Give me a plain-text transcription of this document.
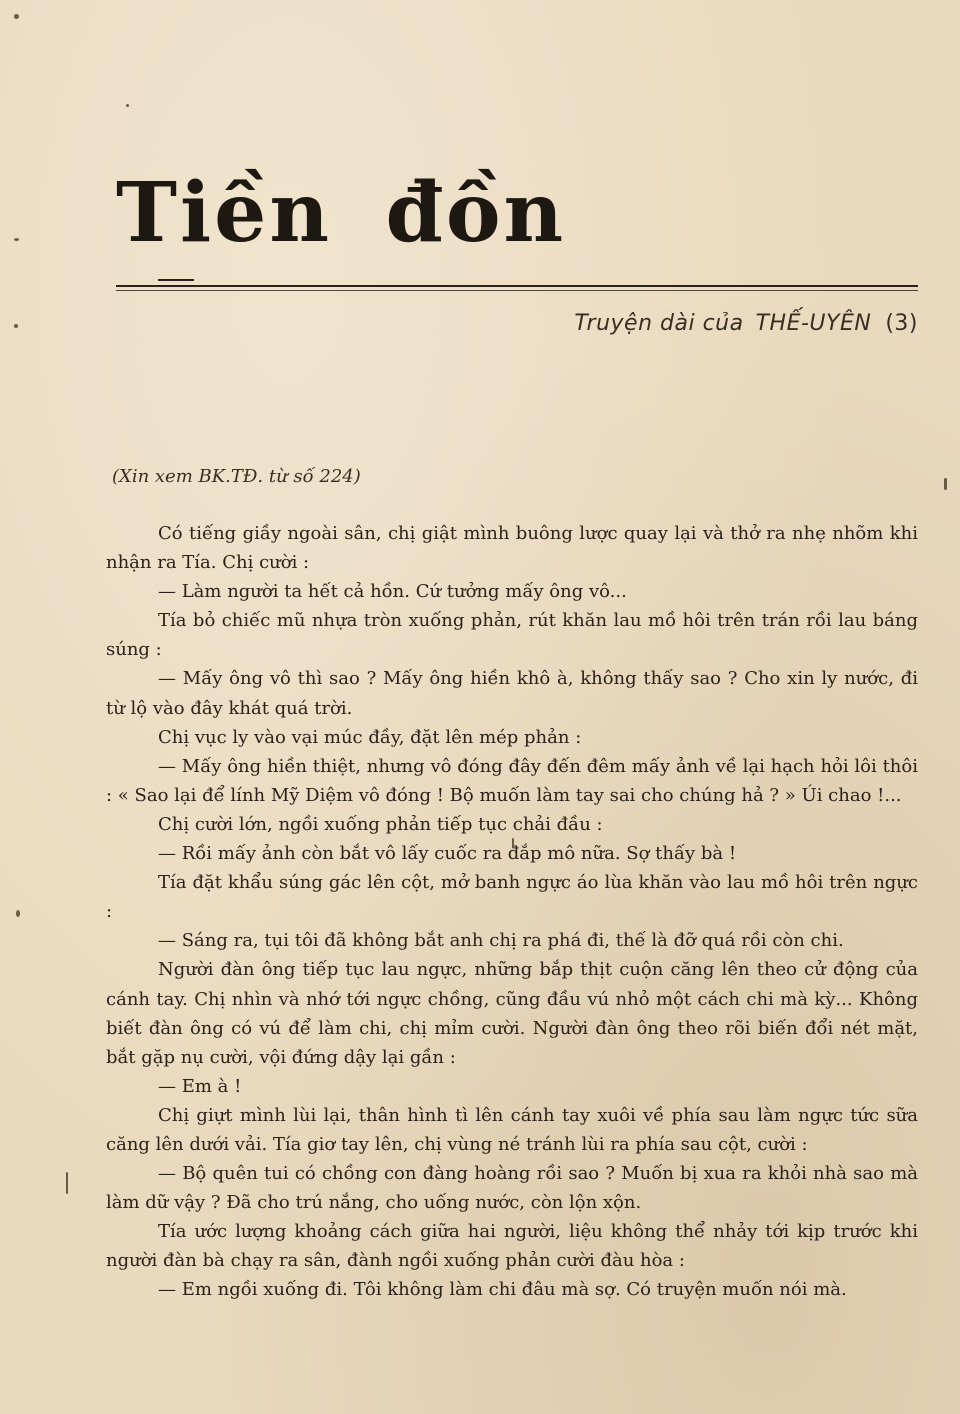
Tiền đồn
Truyện dài của THẾ-UYÊN (3)
(Xin xem BK.TĐ. từ số 224)

Có tiếng giầy ngoài sân, chị giật mình buông lược quay lại và thở ra nhẹ nhõm khi nhận ra Tía. Chị cười :

— Làm người ta hết cả hồn. Cứ tưởng mấy ông vô...

Tía bỏ chiếc mũ nhựa tròn xuống phản, rút khăn lau mồ hôi trên trán rồi lau báng súng :

— Mấy ông vô thì sao ? Mấy ông hiền khô à, không thấy sao ? Cho xin ly nước, đi từ lộ vào đây khát quá trời.

Chị vục ly vào vại múc đầy, đặt lên mép phản :

— Mấy ông hiền thiệt, nhưng vô đóng đây đến đêm mấy ảnh về lại hạch hỏi lôi thôi : « Sao lại để lính Mỹ Diệm vô đóng ! Bộ muốn làm tay sai cho chúng hả ? » Úi chao !...

Chị cười lớn, ngồi xuống phản tiếp tục chải đầu :

— Rồi mấy ảnh còn bắt vô lấy cuốc ra đắp mô nữa. Sợ thấy bà !

Tía đặt khẩu súng gác lên cột, mở banh ngực áo lùa khăn vào lau mồ hôi trên ngực :

— Sáng ra, tụi tôi đã không bắt anh chị ra phá đi, thế là đỡ quá rồi còn chi.

Người đàn ông tiếp tục lau ngực, những bắp thịt cuộn căng lên theo cử động của cánh tay. Chị nhìn và nhớ tới ngực chồng, cũng đầu vú nhỏ một cách chi mà kỳ... Không biết đàn ông có vú để làm chi, chị mỉm cười. Người đàn ông theo rõi biến đổi nét mặt, bắt gặp nụ cười, vội đứng dậy lại gần :

— Em à !

Chị giựt mình lùi lại, thân hình tì lên cánh tay xuôi về phía sau làm ngực tức sữa căng lên dưới vải. Tía giơ tay lên, chị vùng né tránh lùi ra phía sau cột, cười :

— Bộ quên tui có chồng con đàng hoàng rồi sao ? Muốn bị xua ra khỏi nhà sao mà làm dữ vậy ? Đã cho trú nắng, cho uống nước, còn lộn xộn.

Tía ước lượng khoảng cách giữa hai người, liệu không thể nhảy tới kịp trước khi người đàn bà chạy ra sân, đành ngồi xuống phản cười đàu hòa :

— Em ngồi xuống đi. Tôi không làm chi đâu mà sợ. Có truyện muốn nói mà.
